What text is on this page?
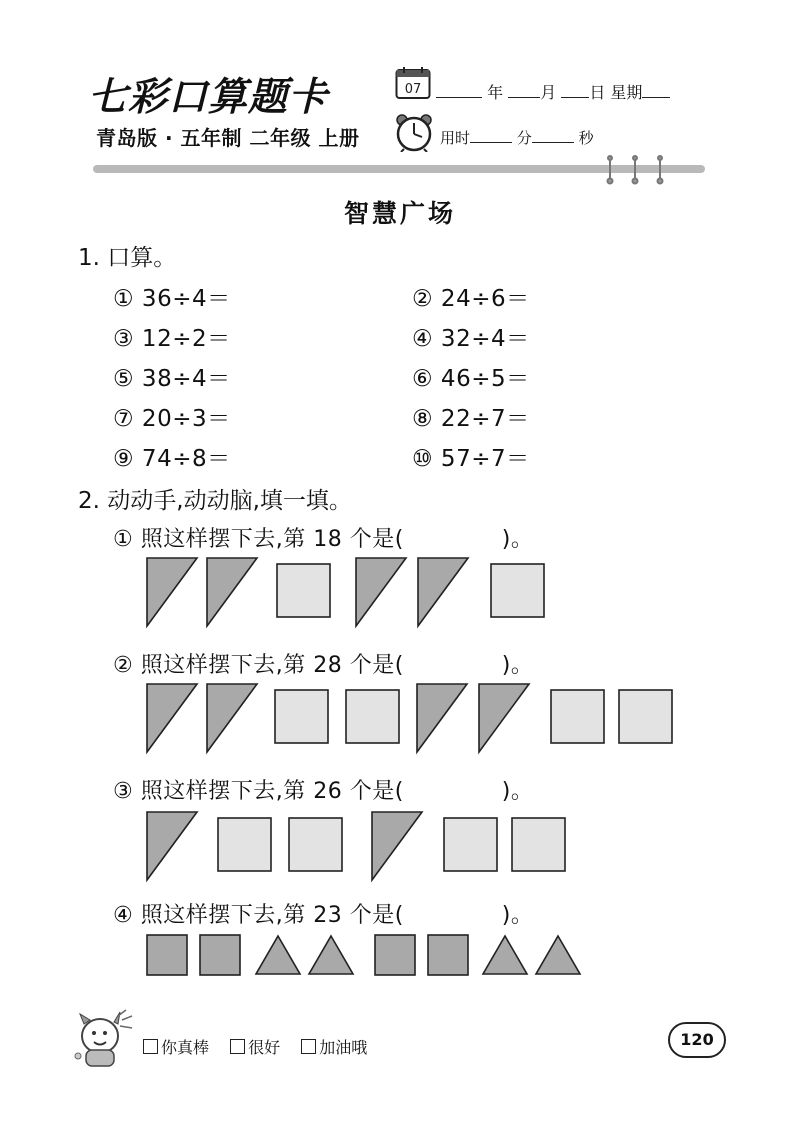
七彩口算题卡
青岛版 · 五年制 二年级 上册
07	年 月 日 星期
用时	分	秒
智慧广场
1. 口算。
① 36÷4＝	② 24÷6＝
③ 12÷2＝	④ 32÷4＝
⑤ 38÷4＝	⑥ 46÷5＝
⑦ 20÷3＝	⑧ 22÷7＝
⑨ 74÷8＝	⑩ 57÷7＝
2. 动动手,动动脑,填一填。
① 照这样摆下去,第 18 个是(	)。
② 照这样摆下去,第 28 个是(	)。
③ 照这样摆下去,第 26 个是(	)。
④ 照这样摆下去,第 23 个是(	)。
你真棒 很好 加油哦	120
